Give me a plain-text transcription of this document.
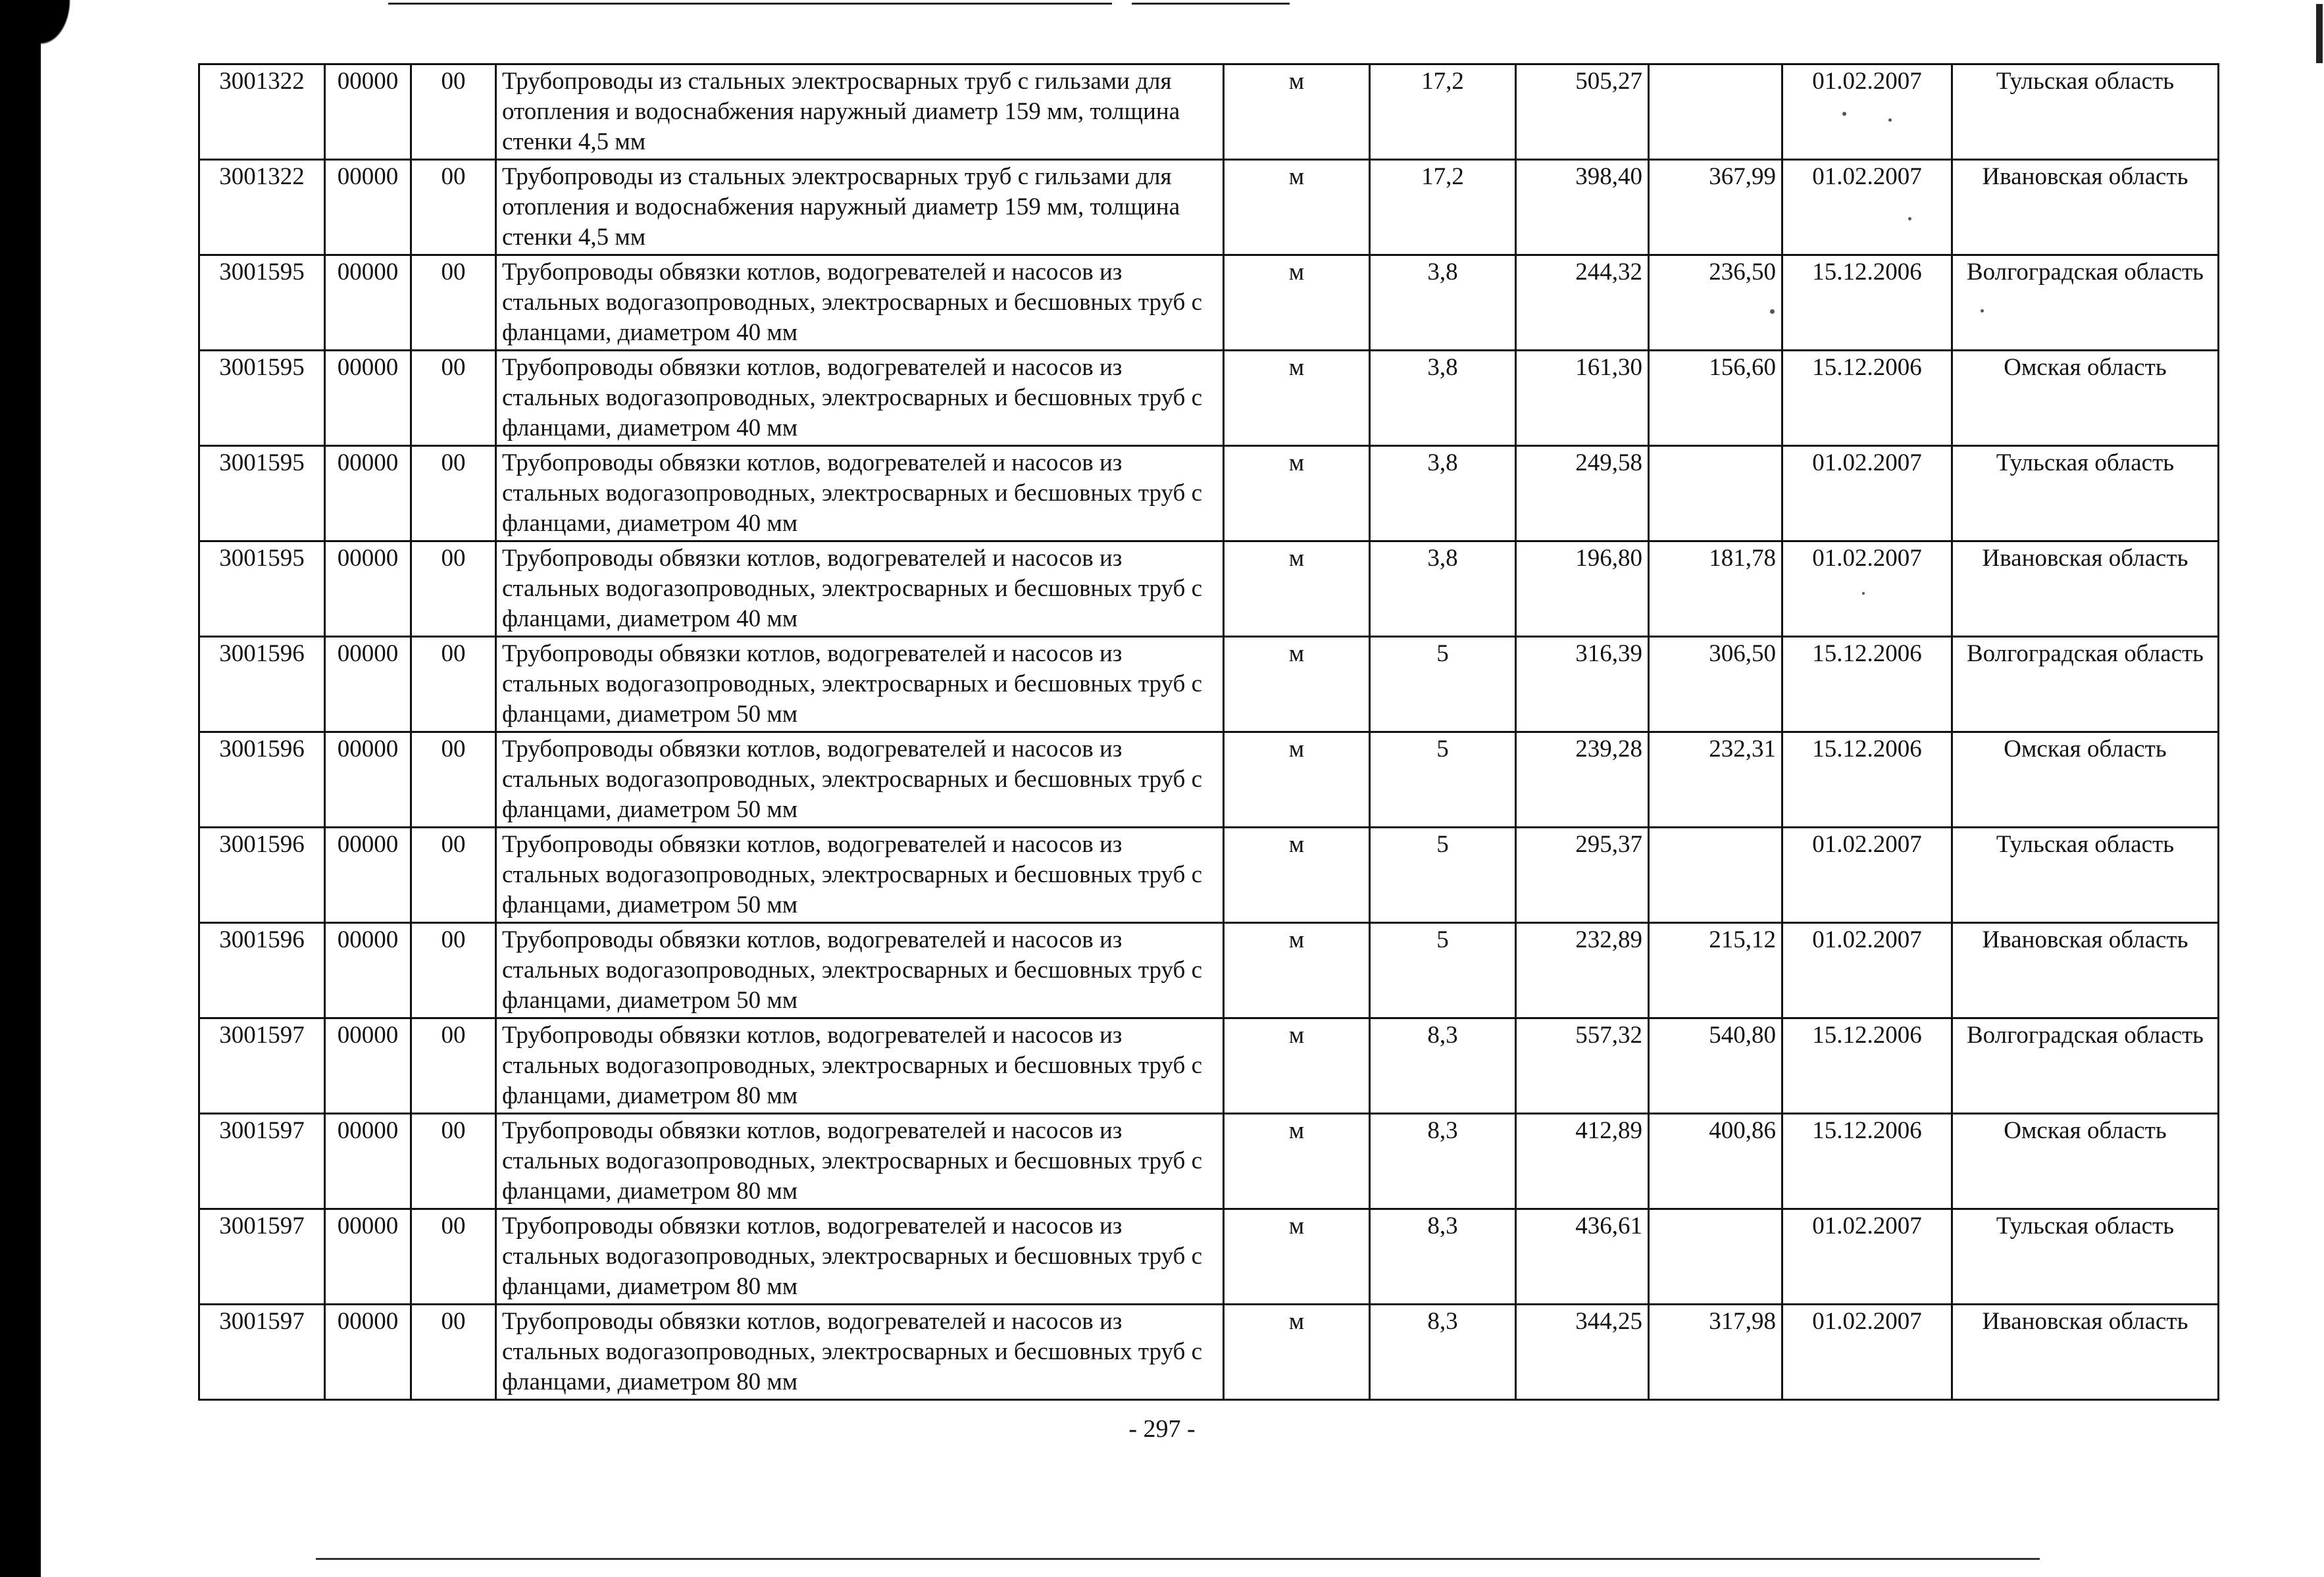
3001322	00000	00	Трубопроводы из стальных электросварных труб с гильзами для отопления и водоснабжения наружный диаметр 159 мм, толщина стенки 4,5 мм	м	17,2	505,27		01.02.2007	Тульская область
3001322	00000	00	Трубопроводы из стальных электросварных труб с гильзами для отопления и водоснабжения наружный диаметр 159 мм, толщина стенки 4,5 мм	м	17,2	398,40	367,99	01.02.2007	Ивановская область
3001595	00000	00	Трубопроводы обвязки котлов, водогревателей и насосов из стальных водогазопроводных, электросварных и бесшовных труб с фланцами, диаметром 40 мм	м	3,8	244,32	236,50	15.12.2006	Волгоградская область
3001595	00000	00	Трубопроводы обвязки котлов, водогревателей и насосов из стальных водогазопроводных, электросварных и бесшовных труб с фланцами, диаметром 40 мм	м	3,8	161,30	156,60	15.12.2006	Омская область
3001595	00000	00	Трубопроводы обвязки котлов, водогревателей и насосов из стальных водогазопроводных, электросварных и бесшовных труб с фланцами, диаметром 40 мм	м	3,8	249,58		01.02.2007	Тульская область
3001595	00000	00	Трубопроводы обвязки котлов, водогревателей и насосов из стальных водогазопроводных, электросварных и бесшовных труб с фланцами, диаметром 40 мм	м	3,8	196,80	181,78	01.02.2007	Ивановская область
3001596	00000	00	Трубопроводы обвязки котлов, водогревателей и насосов из стальных водогазопроводных, электросварных и бесшовных труб с фланцами, диаметром 50 мм	м	5	316,39	306,50	15.12.2006	Волгоградская область
3001596	00000	00	Трубопроводы обвязки котлов, водогревателей и насосов из стальных водогазопроводных, электросварных и бесшовных труб с фланцами, диаметром 50 мм	м	5	239,28	232,31	15.12.2006	Омская область
3001596	00000	00	Трубопроводы обвязки котлов, водогревателей и насосов из стальных водогазопроводных, электросварных и бесшовных труб с фланцами, диаметром 50 мм	м	5	295,37		01.02.2007	Тульская область
3001596	00000	00	Трубопроводы обвязки котлов, водогревателей и насосов из стальных водогазопроводных, электросварных и бесшовных труб с фланцами, диаметром 50 мм	м	5	232,89	215,12	01.02.2007	Ивановская область
3001597	00000	00	Трубопроводы обвязки котлов, водогревателей и насосов из стальных водогазопроводных, электросварных и бесшовных труб с фланцами, диаметром 80 мм	м	8,3	557,32	540,80	15.12.2006	Волгоградская область
3001597	00000	00	Трубопроводы обвязки котлов, водогревателей и насосов из стальных водогазопроводных, электросварных и бесшовных труб с фланцами, диаметром 80 мм	м	8,3	412,89	400,86	15.12.2006	Омская область
3001597	00000	00	Трубопроводы обвязки котлов, водогревателей и насосов из стальных водогазопроводных, электросварных и бесшовных труб с фланцами, диаметром 80 мм	м	8,3	436,61		01.02.2007	Тульская область
3001597	00000	00	Трубопроводы обвязки котлов, водогревателей и насосов из стальных водогазопроводных, электросварных и бесшовных труб с фланцами, диаметром 80 мм	м	8,3	344,25	317,98	01.02.2007	Ивановская область
- 297 -
